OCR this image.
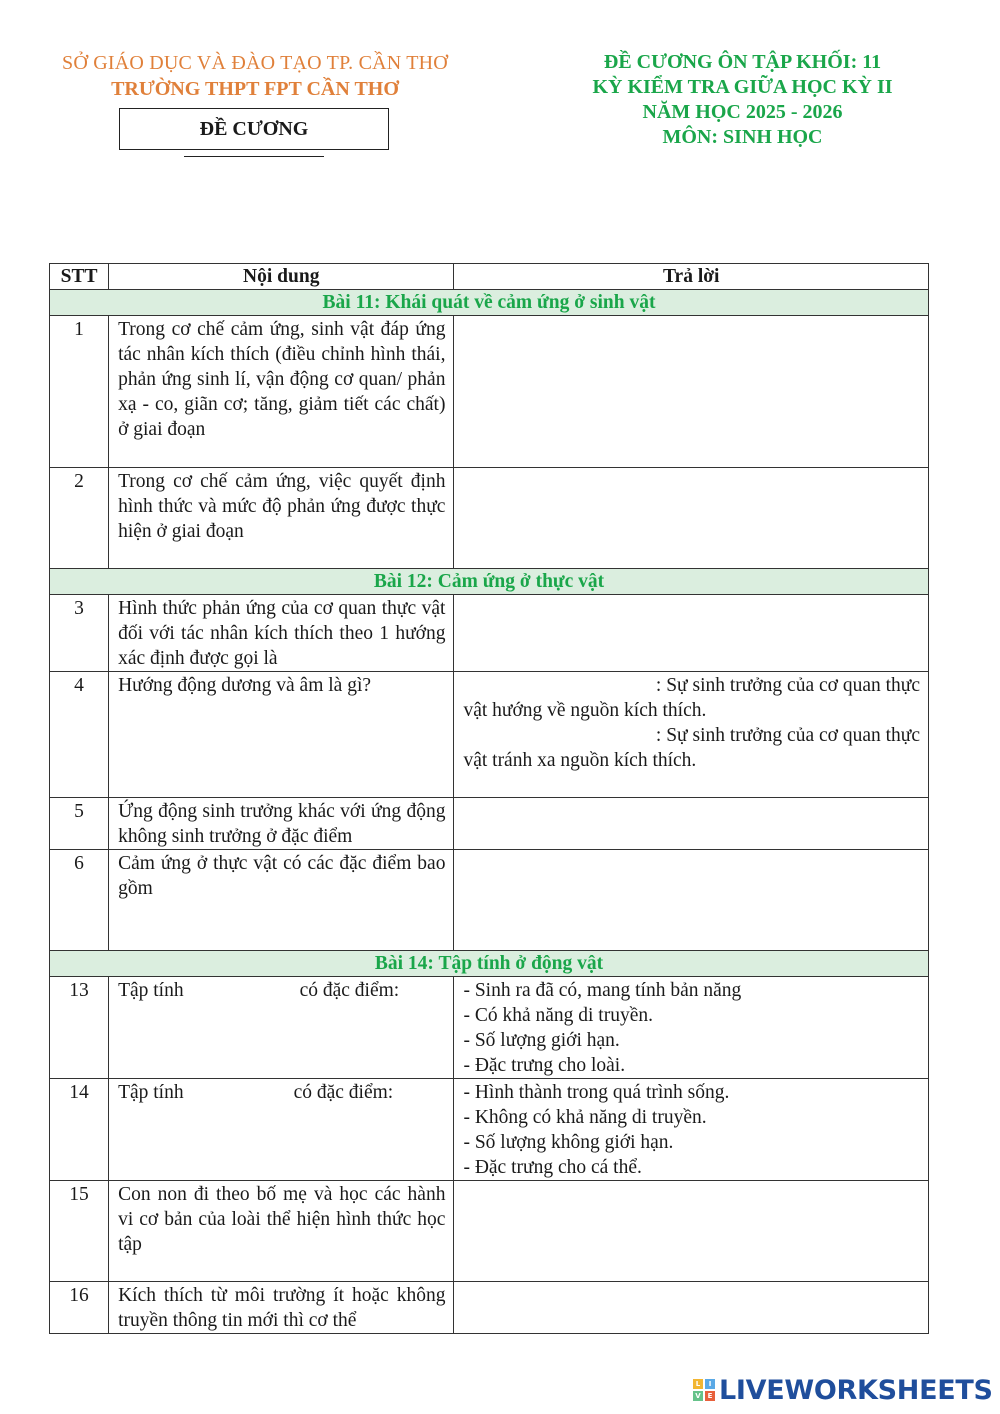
SỞ GIÁO DỤC VÀ ĐÀO TẠO TP. CẦN THƠ
TRƯỜNG THPT FPT CẦN THƠ
ĐỀ CƯƠNG
ĐỀ CƯƠNG ÔN TẬP KHỐI: 11
KỲ KIỂM TRA GIỮA HỌC KỲ II
NĂM HỌC 2025 - 2026
MÔN: SINH HỌC
STT	Nội dung	Trả lời
Bài 11: Khái quát về cảm ứng ở sinh vật		
1	Trong cơ chế cảm ứng, sinh vật đáp ứng tác nhân kích thích (điều chỉnh hình thái, phản ứng sinh lí, vận động cơ quan/ phản xạ - co, giãn cơ; tăng, giảm tiết các chất) ở giai đoạn	
2	Trong cơ chế cảm ứng, việc quyết định hình thức và mức độ phản ứng được thực hiện ở giai đoạn	
Bài 12: Cảm ứng ở thực vật		
3	Hình thức phản ứng của cơ quan thực vật đối với tác nhân kích thích theo 1 hướng xác định được gọi là	
4	Hướng động dương và âm là gì?	: Sự sinh trưởng của cơ quan thực
vật hướng về nguồn kích thích.
: Sự sinh trưởng của cơ quan thực
vật tránh xa nguồn kích thích.

5	Ứng động sinh trưởng khác với ứng động không sinh trưởng ở đặc điểm	
6	Cảm ứng ở thực vật có các đặc điểm bao gồm	
Bài 14: Tập tính ở động vật		
13	Tập tính có đặc điểm:	- Sinh ra đã có, mang tính bản năng
- Có khả năng di truyền.
- Số lượng giới hạn.
- Đặc trưng cho loài.

14	Tập tính có đặc điểm:	- Hình thành trong quá trình sống.
- Không có khả năng di truyền.
- Số lượng không giới hạn.
- Đặc trưng cho cá thể.

15	Con non đi theo bố mẹ và học các hành vi cơ bản của loài thể hiện hình thức học tập	
16	Kích thích từ môi trường ít hoặc không truyền thông tin mới thì cơ thể	
L	I
V E LIVEWORKSHEETS
